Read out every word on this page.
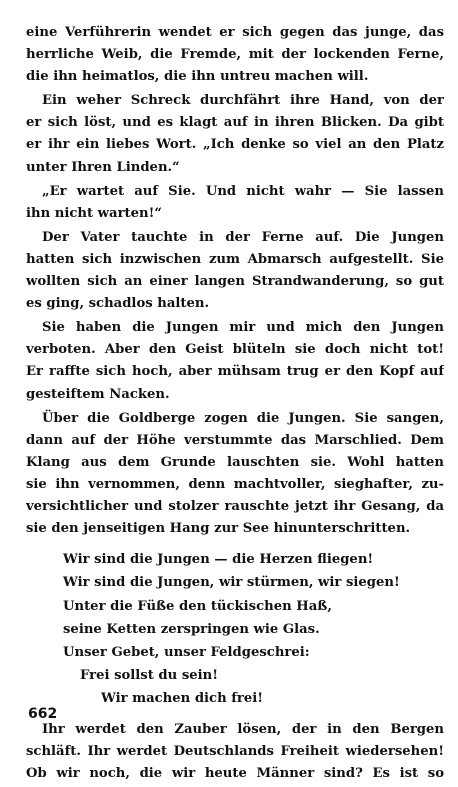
eine Verführerin wendet er sich gegen das junge, das
herrliche Weib, die Fremde, mit der lockenden Ferne,
die ihn heimatlos, die ihn untreu machen will.

Ein weher Schreck durchfährt ihre Hand, von der
er sich löst, und es klagt auf in ihren Blicken. Da gibt
er ihr ein liebes Wort. „Ich denke so viel an den Platz
unter Ihren Linden.“

„Er wartet auf Sie. Und nicht wahr — Sie lassen
ihn nicht warten!“

Der Vater tauchte in der Ferne auf. Die Jungen
hatten sich inzwischen zum Abmarsch aufgestellt. Sie
wollten sich an einer langen Strandwanderung, so gut
es ging, schadlos halten.

Sie haben die Jungen mir und mich den Jungen
verboten. Aber den Geist blüteln sie doch nicht tot!
Er raffte sich hoch, aber mühsam trug er den Kopf auf
gesteiftem Nacken.

Über die Goldberge zogen die Jungen. Sie sangen,
dann auf der Höhe verstummte das Marschlied. Dem
Klang aus dem Grunde lauschten sie. Wohl hatten
sie ihn vernommen, denn machtvoller, sieghafter, zu-
versichtlicher und stolzer rauschte jetzt ihr Gesang, da
sie den jenseitigen Hang zur See hinunterschritten.

Wir sind die Jungen — die Herzen fliegen!
Wir sind die Jungen, wir stürmen, wir siegen!
Unter die Füße den tückischen Haß,
seine Ketten zerspringen wie Glas.
Unser Gebet, unser Feldgeschrei:
Frei sollst du sein!
Wir machen dich frei!

Ihr werdet den Zauber lösen, der in den Bergen
schläft. Ihr werdet Deutschlands Freiheit wiedersehen!
Ob wir noch, die wir heute Männer sind? Es ist so

662
